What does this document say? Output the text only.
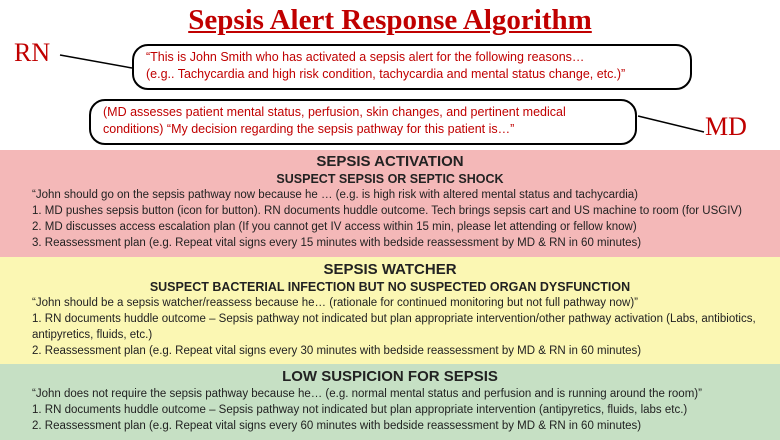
Sepsis Alert Response Algorithm
RN
MD
“This is John Smith who has activated a sepsis alert for the following reasons…
(e.g.. Tachycardia and high risk condition, tachycardia and mental status change, etc.)”
(MD assesses patient mental status, perfusion, skin changes, and pertinent medical
conditions) “My decision regarding the sepsis pathway for this patient is…”
SEPSIS ACTIVATION
SUSPECT SEPSIS OR SEPTIC SHOCK
“John should go on the sepsis pathway now because he … (e.g. is high risk with altered mental status and tachycardia)
1. MD pushes sepsis button (icon for button). RN documents huddle outcome. Tech brings sepsis cart and US machine to room (for USGIV)
2. MD discusses access escalation plan (If you cannot get IV access within 15 min, please let attending or fellow know)
3. Reassessment plan (e.g. Repeat vital signs every 15 minutes with bedside reassessment by MD & RN in 60 minutes)
SEPSIS WATCHER
SUSPECT BACTERIAL INFECTION BUT NO SUSPECTED ORGAN DYSFUNCTION
“John should be a sepsis watcher/reassess because he… (rationale for continued monitoring but not full pathway now)”
1. RN documents huddle outcome – Sepsis pathway not indicated but plan appropriate intervention/other pathway activation (Labs, antibiotics, antipyretics, fluids, etc.)
2. Reassessment plan (e.g. Repeat vital signs every 30 minutes with bedside reassessment by MD & RN in 60 minutes)
LOW SUSPICION FOR SEPSIS
“John does not require the sepsis pathway because he… (e.g. normal mental status and perfusion and is running around the room)”
1. RN documents huddle outcome – Sepsis pathway not indicated but plan appropriate intervention (antipyretics, fluids, labs etc.)
2. Reassessment plan (e.g. Repeat vital signs every 60 minutes with bedside reassessment by MD & RN in 60 minutes)
